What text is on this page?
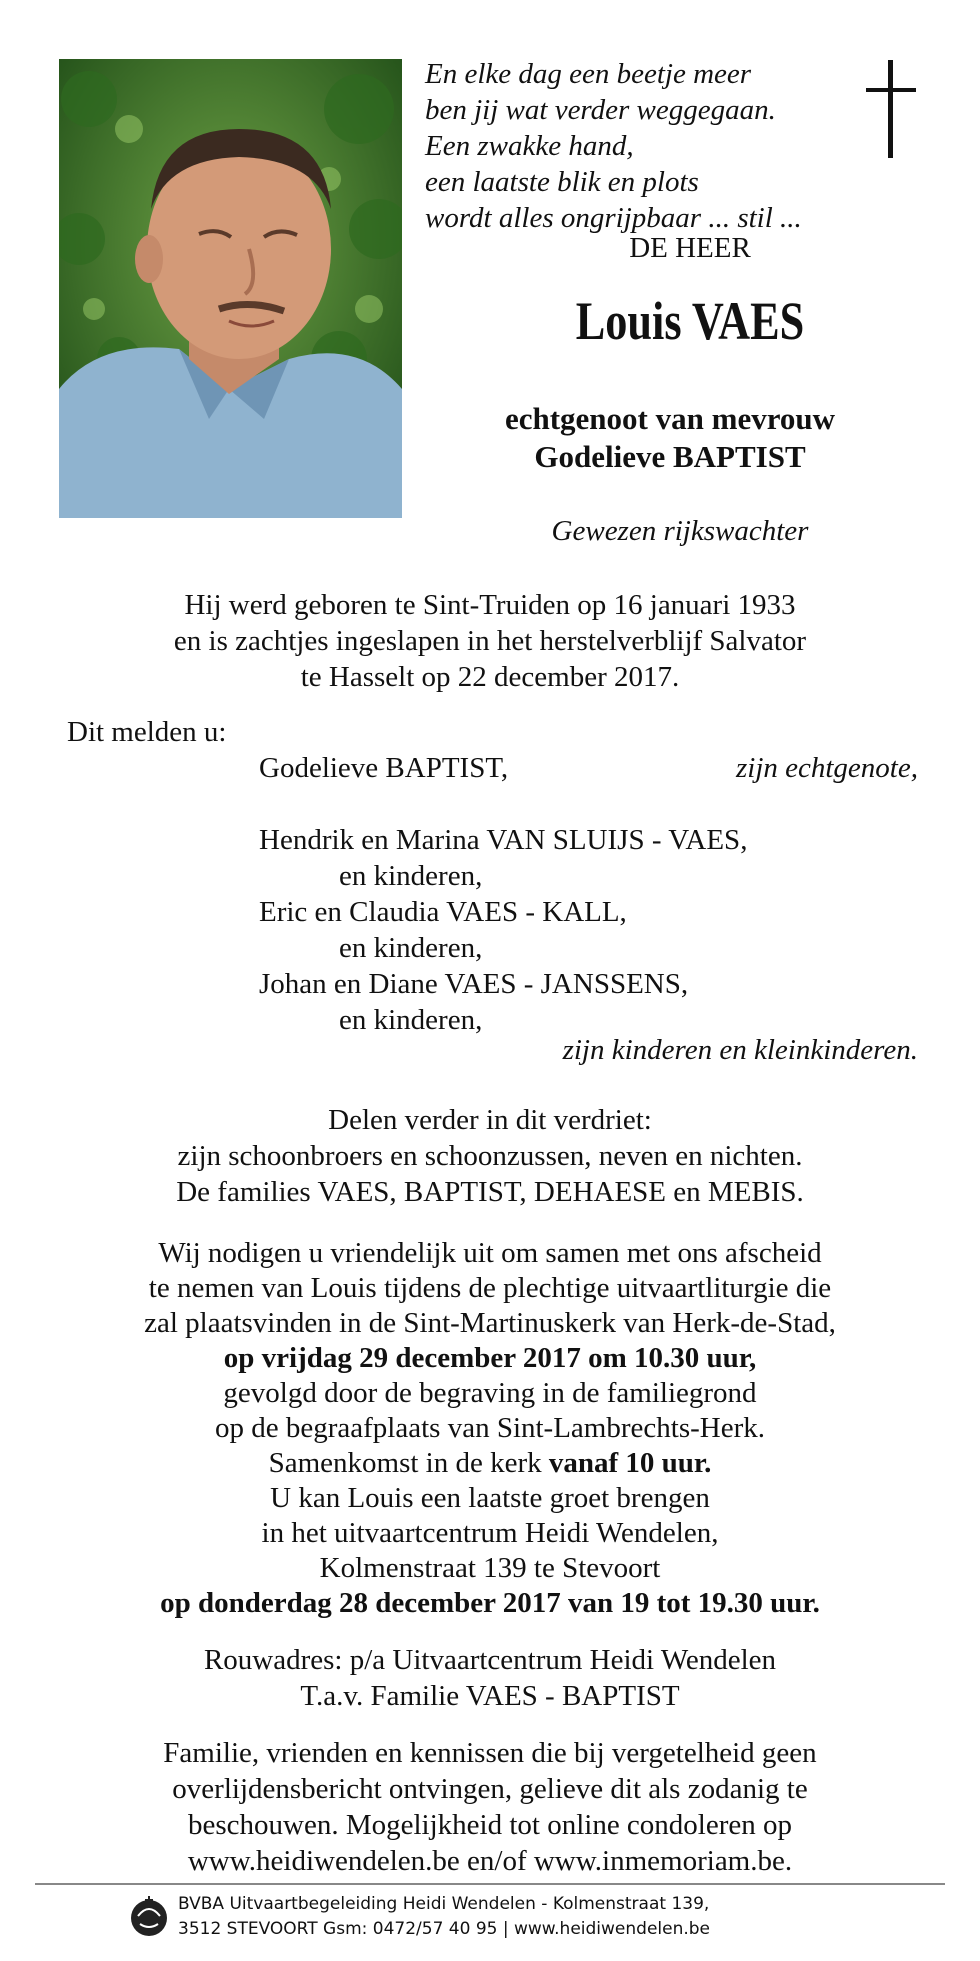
En elke dag een beetje meer
ben jij wat verder weggegaan.
Een zwakke hand,
een laatste blik en plots
wordt alles ongrijpbaar ... stil ...
DE HEER
Louis VAES
echtgenoot van mevrouw
Godelieve BAPTIST
Gewezen rijkswachter
Hij werd geboren te Sint-Truiden op 16 januari 1933
en is zachtjes ingeslapen in het herstelverblijf Salvator
te Hasselt op 22 december 2017.
Dit melden u:
Godelieve BAPTIST,	zijn echtgenote,
Hendrik en Marina VAN SLUIJS - VAES,
en kinderen,
Eric en Claudia VAES - KALL,
en kinderen,
Johan en Diane VAES - JANSSENS,
en kinderen,
zijn kinderen en kleinkinderen.
Delen verder in dit verdriet:
zijn schoonbroers en schoonzussen, neven en nichten.
De families VAES, BAPTIST, DEHAESE en MEBIS.
Wij nodigen u vriendelijk uit om samen met ons afscheid
te nemen van Louis tijdens de plechtige uitvaartliturgie die
zal plaatsvinden in de Sint-Martinuskerk van Herk-de-Stad,
op vrijdag 29 december 2017 om 10.30 uur,
gevolgd door de begraving in de familiegrond
op de begraafplaats van Sint-Lambrechts-Herk.
Samenkomst in de kerk vanaf 10 uur.
U kan Louis een laatste groet brengen
in het uitvaartcentrum Heidi Wendelen,
Kolmenstraat 139 te Stevoort
op donderdag 28 december 2017 van 19 tot 19.30 uur.
Rouwadres: p/a Uitvaartcentrum Heidi Wendelen
T.a.v. Familie VAES - BAPTIST
Familie, vrienden en kennissen die bij vergetelheid geen
overlijdensbericht ontvingen, gelieve dit als zodanig te
beschouwen. Mogelijkheid tot online condoleren op
www.heidiwendelen.be en/of www.inmemoriam.be.
BVBA Uitvaartbegeleiding Heidi Wendelen - Kolmenstraat 139,
3512 STEVOORT Gsm: 0472/57 40 95 | www.heidiwendelen.be
